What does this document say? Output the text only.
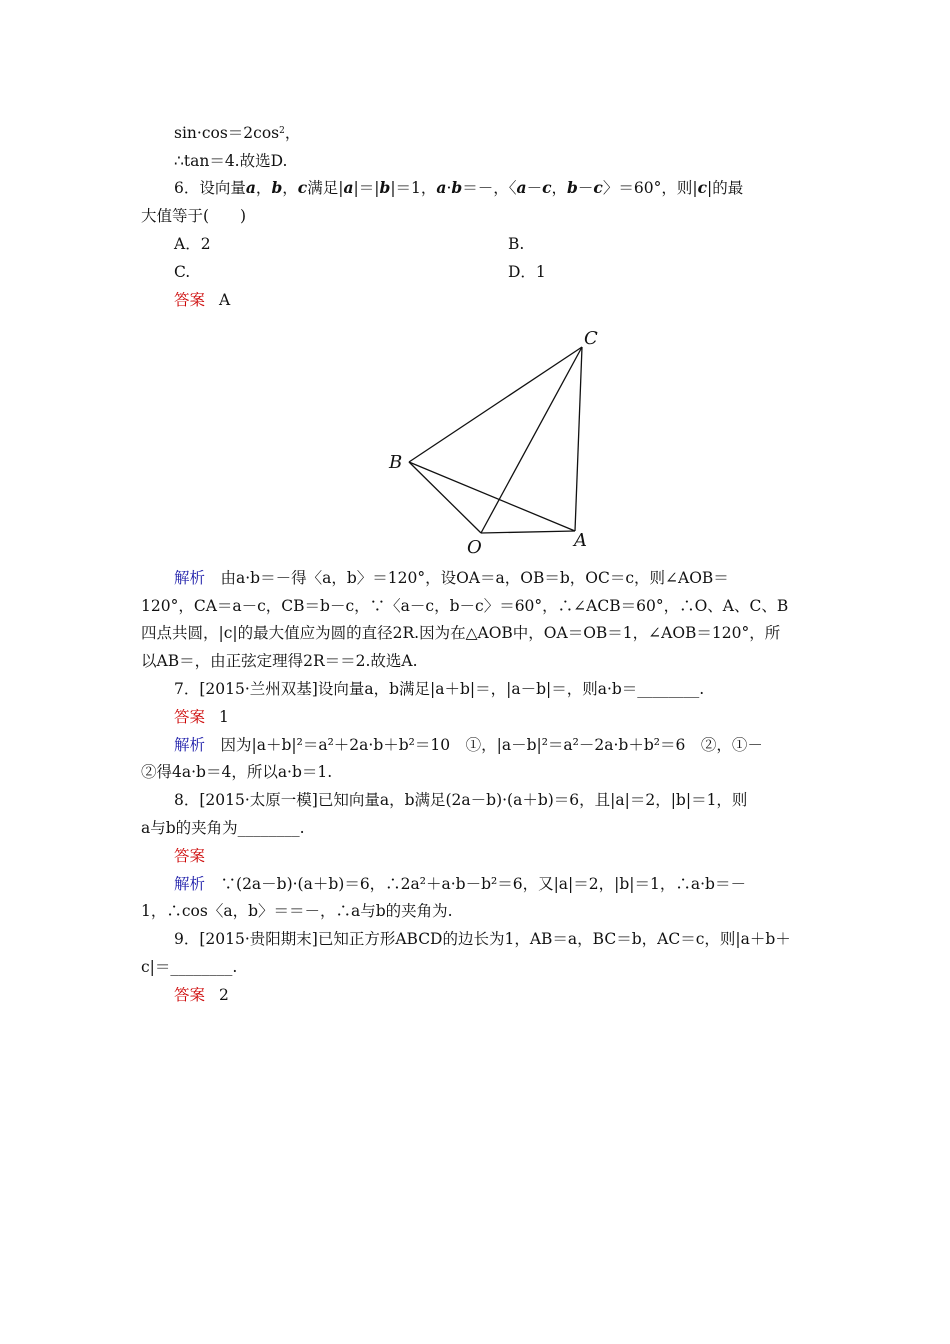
$\sin\cdot\cos=2\cos^2$，
∴tan＝4.故选D.
6．设向量a，b，c满足|a|＝|b|＝1，a·b＝－，〈a－c，b－c〉＝60°，则|c|的最
大值等于(　　)
A．2	B.
C.	D．1
答案 A
C
B
O	A
解析　由a·b＝－得〈a，b〉＝120°，设OA＝a，OB＝b，OC＝c，则∠AOB＝
120°，CA＝a－c，CB＝b－c，∵〈a－c，b－c〉＝60°，∴∠ACB＝60°，∴O、A、C、B
四点共圆，|c|的最大值应为圆的直径2R.因为在△AOB中，OA＝OB＝1，∠AOB＝120°，所
以AB＝，由正弦定理得2R＝＝2.故选A.
7．[2015·兰州双基]设向量a，b满足|a＋b|＝，|a－b|＝，则a·b＝________.
答案 1
解析　因为|a＋b|²＝a²＋2a·b＋b²＝10　①，|a－b|²＝a²－2a·b＋b²＝6　②，①－
②得4a·b＝4，所以a·b＝1.
8．[2015·太原一模]已知向量a，b满足(2a－b)·(a＋b)＝6，且|a|＝2，|b|＝1，则
a与b的夹角为________.
答案
解析　∵(2a－b)·(a＋b)＝6，∴2a²＋a·b－b²＝6，又|a|＝2，|b|＝1，∴a·b＝－
1，∴cos〈a，b〉＝＝－，∴a与b的夹角为.
9．[2015·贵阳期末]已知正方形ABCD的边长为1，AB＝a，BC＝b，AC＝c，则|a＋b＋
c|＝________.
答案 2
